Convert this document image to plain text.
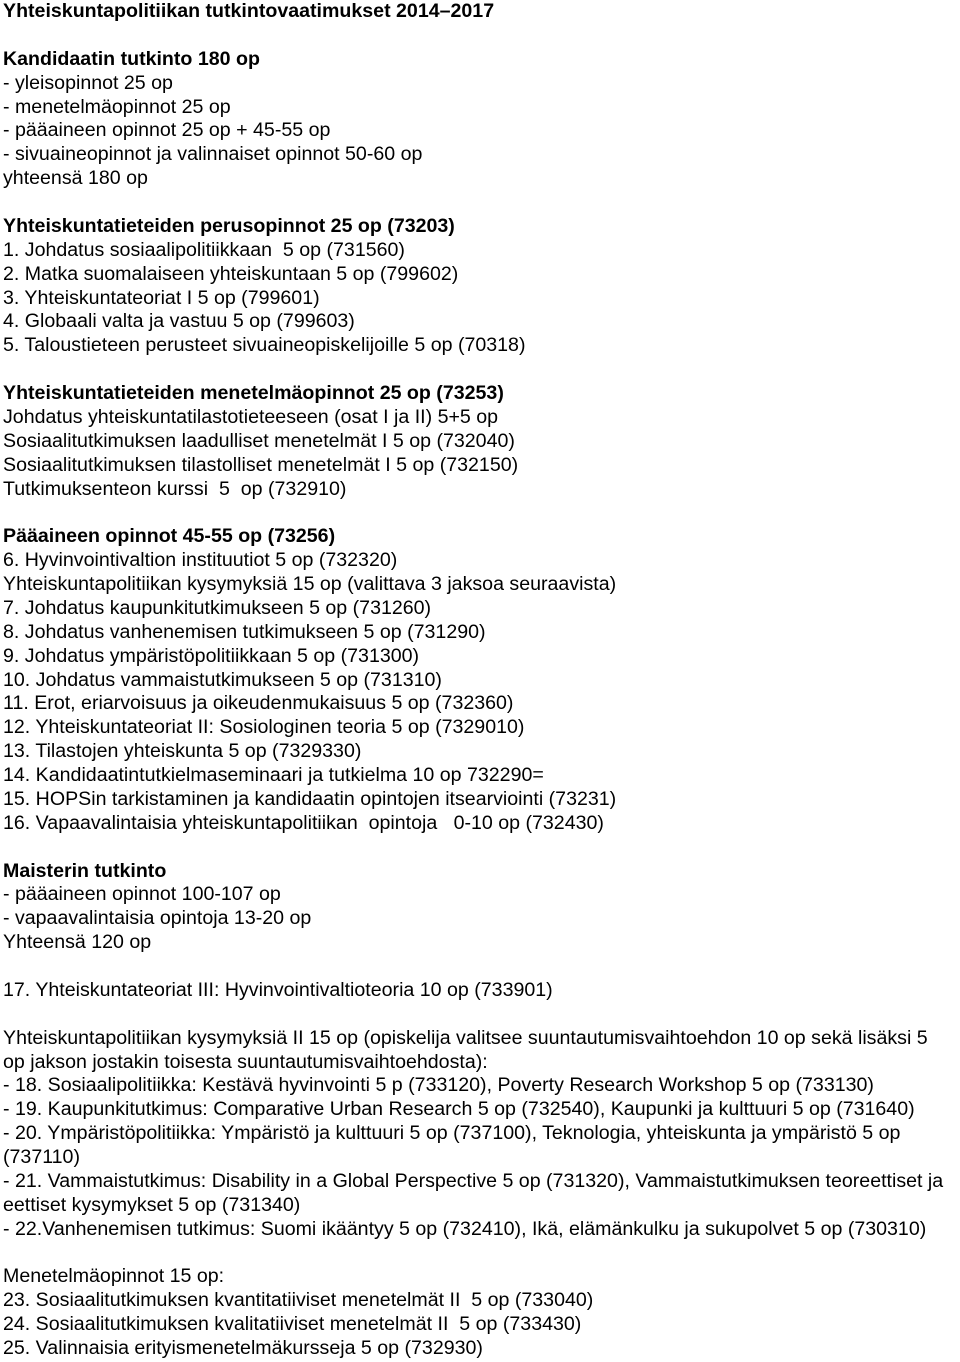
Yhteiskuntapolitiikan tutkintovaatimukset 2014–2017
Kandidaatin tutkinto 180 op
- yleisopinnot 25 op
- menetelmäopinnot 25 op
- pääaineen opinnot 25 op + 45-55 op
- sivuaineopinnot ja valinnaiset opinnot 50-60 op
yhteensä 180 op
Yhteiskuntatieteiden perusopinnot 25 op (73203)
1. Johdatus sosiaalipolitiikkaan  5 op (731560)
2. Matka suomalaiseen yhteiskuntaan 5 op (799602)
3. Yhteiskuntateoriat I 5 op (799601)
4. Globaali valta ja vastuu 5 op (799603)
5. Taloustieteen perusteet sivuaineopiskelijoille 5 op (70318)
Yhteiskuntatieteiden menetelmäopinnot 25 op (73253)
Johdatus yhteiskuntatilastotieteeseen (osat I ja II) 5+5 op
Sosiaalitutkimuksen laadulliset menetelmät I 5 op (732040)
Sosiaalitutkimuksen tilastolliset menetelmät I 5 op (732150)
Tutkimuksenteon kurssi  5  op (732910)
Pääaineen opinnot 45-55 op (73256)
6. Hyvinvointivaltion instituutiot 5 op (732320)
Yhteiskuntapolitiikan kysymyksiä 15 op (valittava 3 jaksoa seuraavista)
7. Johdatus kaupunkitutkimukseen 5 op (731260)
8. Johdatus vanhenemisen tutkimukseen 5 op (731290)
9. Johdatus ympäristöpolitiikkaan 5 op (731300)
10. Johdatus vammaistutkimukseen 5 op (731310)
11. Erot, eriarvoisuus ja oikeudenmukaisuus 5 op (732360)
12. Yhteiskuntateoriat II: Sosiologinen teoria 5 op (7329010)
13. Tilastojen yhteiskunta 5 op (7329330)
14. Kandidaatintutkielmaseminaari ja tutkielma 10 op 732290=
15. HOPSin tarkistaminen ja kandidaatin opintojen itsearviointi (73231)
16. Vapaavalintaisia yhteiskuntapolitiikan  opintoja   0-10 op (732430)
Maisterin tutkinto
- pääaineen opinnot 100-107 op
- vapaavalintaisia opintoja 13-20 op
Yhteensä 120 op
17. Yhteiskuntateoriat III: Hyvinvointivaltioteoria 10 op (733901)
Yhteiskuntapolitiikan kysymyksiä II 15 op (opiskelija valitsee suuntautumisvaihtoehdon 10 op sekä lisäksi 5
op jakson jostakin toisesta suuntautumisvaihtoehdosta):
- 18. Sosiaalipolitiikka: Kestävä hyvinvointi 5 p (733120), Poverty Research Workshop 5 op (733130)
- 19. Kaupunkitutkimus: Comparative Urban Research 5 op (732540), Kaupunki ja kulttuuri 5 op (731640)
- 20. Ympäristöpolitiikka: Ympäristö ja kulttuuri 5 op (737100), Teknologia, yhteiskunta ja ympäristö 5 op
(737110)
- 21. Vammaistutkimus: Disability in a Global Perspective 5 op (731320), Vammaistutkimuksen teoreettiset ja
eettiset kysymykset 5 op (731340)
- 22.Vanhenemisen tutkimus: Suomi ikääntyy 5 op (732410), Ikä, elämänkulku ja sukupolvet 5 op (730310)
Menetelmäopinnot 15 op:
23. Sosiaalitutkimuksen kvantitatiiviset menetelmät II  5 op (733040)
24. Sosiaalitutkimuksen kvalitatiiviset menetelmät II  5 op (733430)
25. Valinnaisia erityismenetelmäkursseja 5 op (732930)
